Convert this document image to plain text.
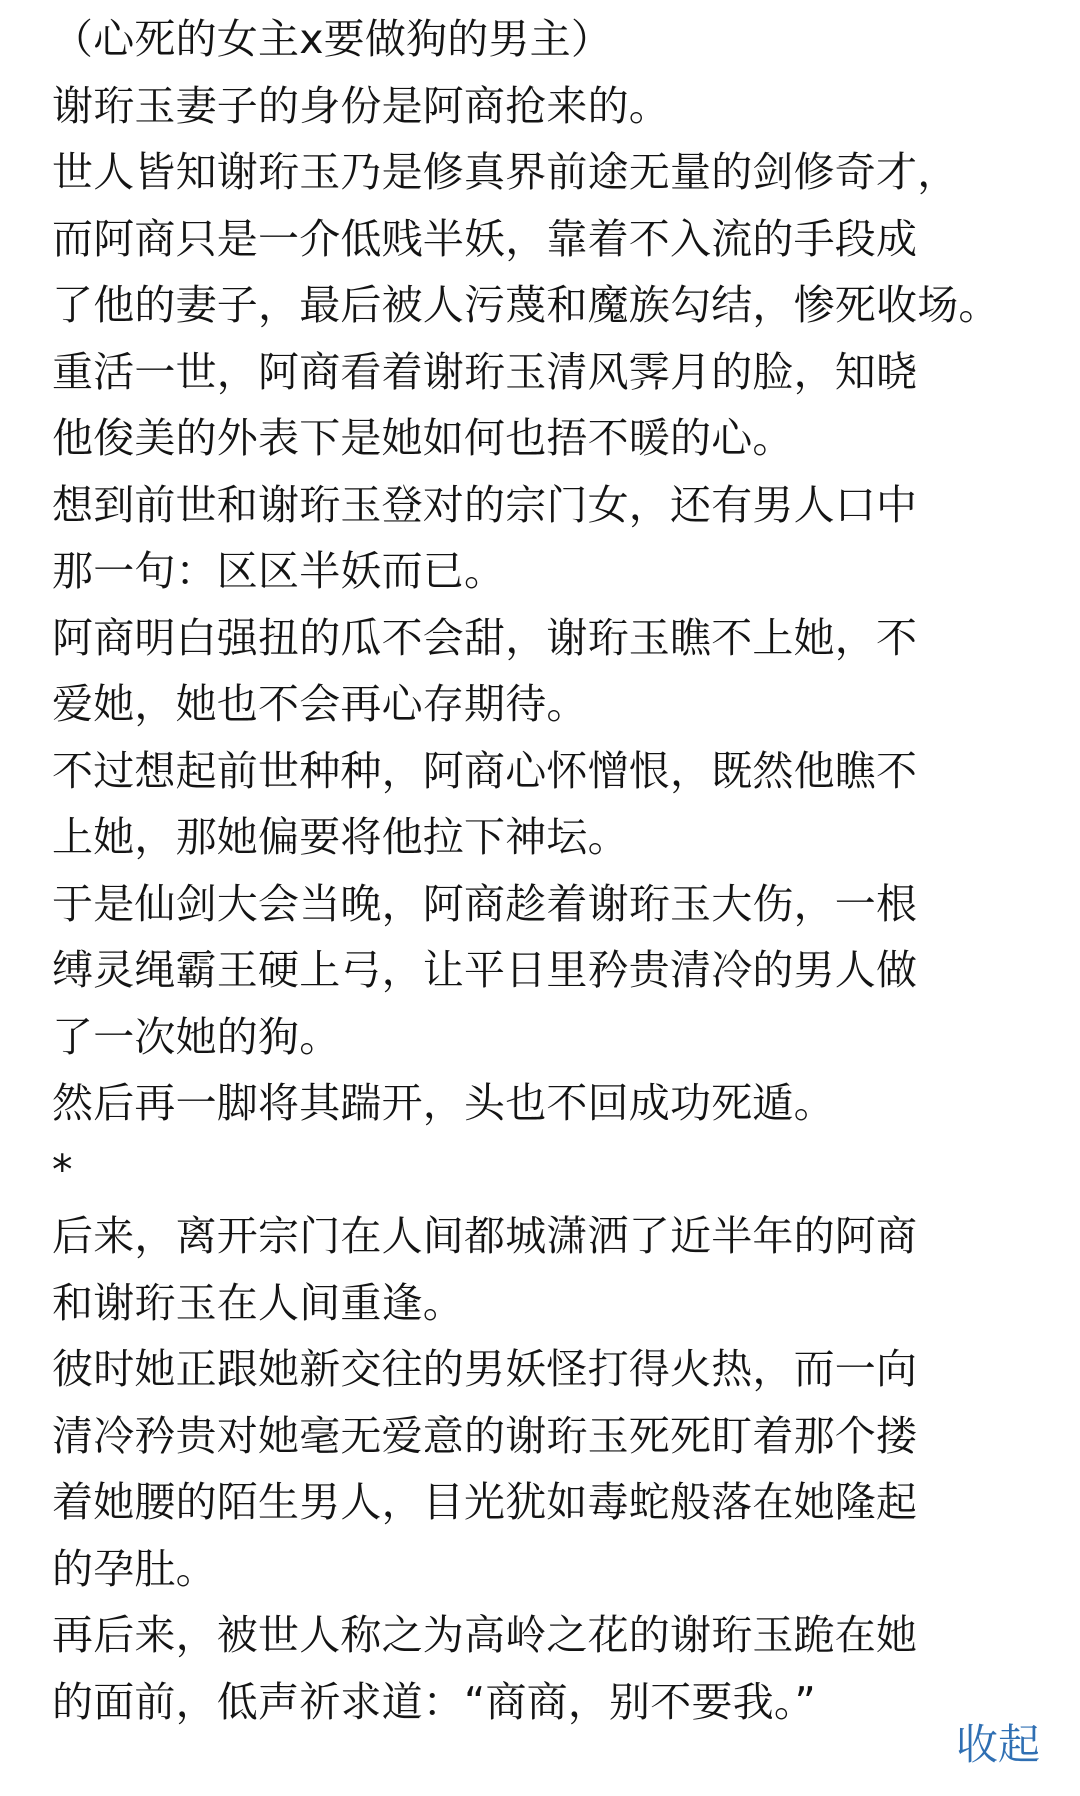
（心死的女主x要做狗的男主）
谢珩玉妻子的身份是阿商抢来的。
世人皆知谢珩玉乃是修真界前途无量的剑修奇才，
而阿商只是一介低贱半妖，靠着不入流的手段成
了他的妻子，最后被人污蔑和魔族勾结，惨死收场。
重活一世，阿商看着谢珩玉清风霁月的脸，知晓
他俊美的外表下是她如何也捂不暖的心。
想到前世和谢珩玉登对的宗门女，还有男人口中
那一句：区区半妖而已。
阿商明白强扭的瓜不会甜，谢珩玉瞧不上她，不
爱她，她也不会再心存期待。
不过想起前世种种，阿商心怀憎恨，既然他瞧不
上她，那她偏要将他拉下神坛。
于是仙剑大会当晚，阿商趁着谢珩玉大伤，一根
缚灵绳霸王硬上弓，让平日里矜贵清冷的男人做
了一次她的狗。
然后再一脚将其踹开，头也不回成功死遁。
*
后来，离开宗门在人间都城潇洒了近半年的阿商
和谢珩玉在人间重逢。
彼时她正跟她新交往的男妖怪打得火热，而一向
清冷矜贵对她毫无爱意的谢珩玉死死盯着那个搂
着她腰的陌生男人，目光犹如毒蛇般落在她隆起
的孕肚。
再后来，被世人称之为高岭之花的谢珩玉跪在她
的面前，低声祈求道：“商商，别不要我。”
收起
